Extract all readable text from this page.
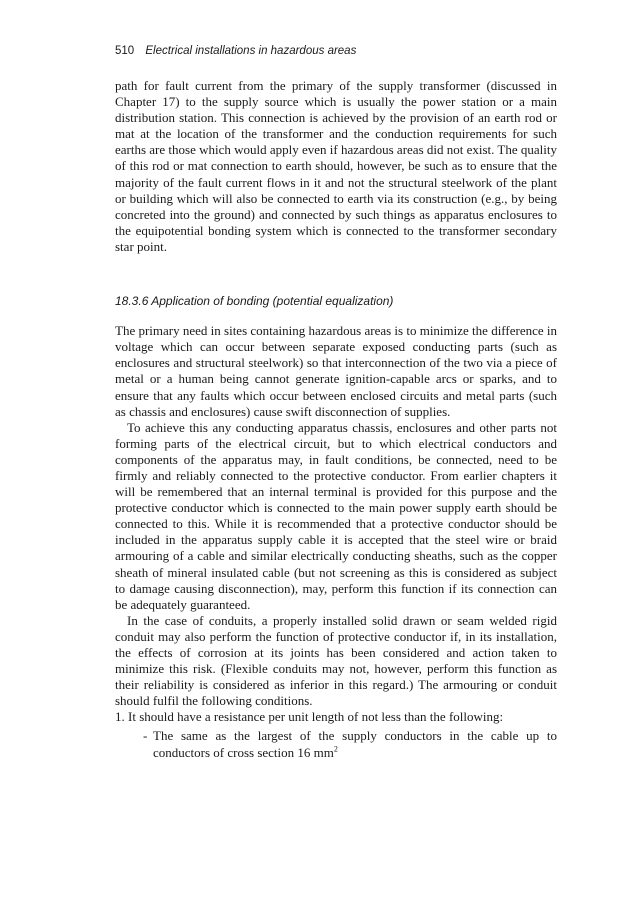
510 Electrical installations in hazardous areas

path for fault current from the primary of the supply transformer (discussed in Chapter 17) to the supply source which is usually the power station or a main distribution station. This connection is achieved by the provision of an earth rod or mat at the location of the transformer and the conduction requirements for such earths are those which would apply even if hazardous areas did not exist. The quality of this rod or mat connection to earth should, however, be such as to ensure that the majority of the fault current flows in it and not the structural steelwork of the plant or building which will also be connected to earth via its construction (e.g., by being concreted into the ground) and connected by such things as apparatus enclosures to the equipotential bonding system which is connected to the transformer secondary star point.

18.3.6 Application of bonding (potential equalization)

The primary need in sites containing hazardous areas is to minimize the difference in voltage which can occur between separate exposed conducting parts (such as enclosures and structural steelwork) so that interconnection of the two via a piece of metal or a human being cannot generate ignition-capable arcs or sparks, and to ensure that any faults which occur between enclosed circuits and metal parts (such as chassis and enclosures) cause swift disconnection of supplies.

To achieve this any conducting apparatus chassis, enclosures and other parts not forming parts of the electrical circuit, but to which electrical conductors and components of the apparatus may, in fault conditions, be connected, need to be firmly and reliably connected to the protective conductor. From earlier chapters it will be remembered that an internal terminal is provided for this purpose and the protective conductor which is connected to the main power supply earth should be connected to this. While it is recommended that a protective conductor should be included in the apparatus supply cable it is accepted that the steel wire or braid armouring of a cable and similar electrically conducting sheaths, such as the copper sheath of mineral insulated cable (but not screening as this is considered as subject to damage causing disconnection), may, perform this function if its connection can be adequately guaranteed.

In the case of conduits, a properly installed solid drawn or seam welded rigid conduit may also perform the function of protective conductor if, in its installation, the effects of corrosion at its joints has been considered and action taken to minimize this risk. (Flexible conduits may not, however, perform this function as their reliability is considered as inferior in this regard.) The armouring or conduit should fulfil the following conditions.

1. It should have a resistance per unit length of not less than the following:

- The same as the largest of the supply conductors in the cable up to conductors of cross section 16 $mm^2$
